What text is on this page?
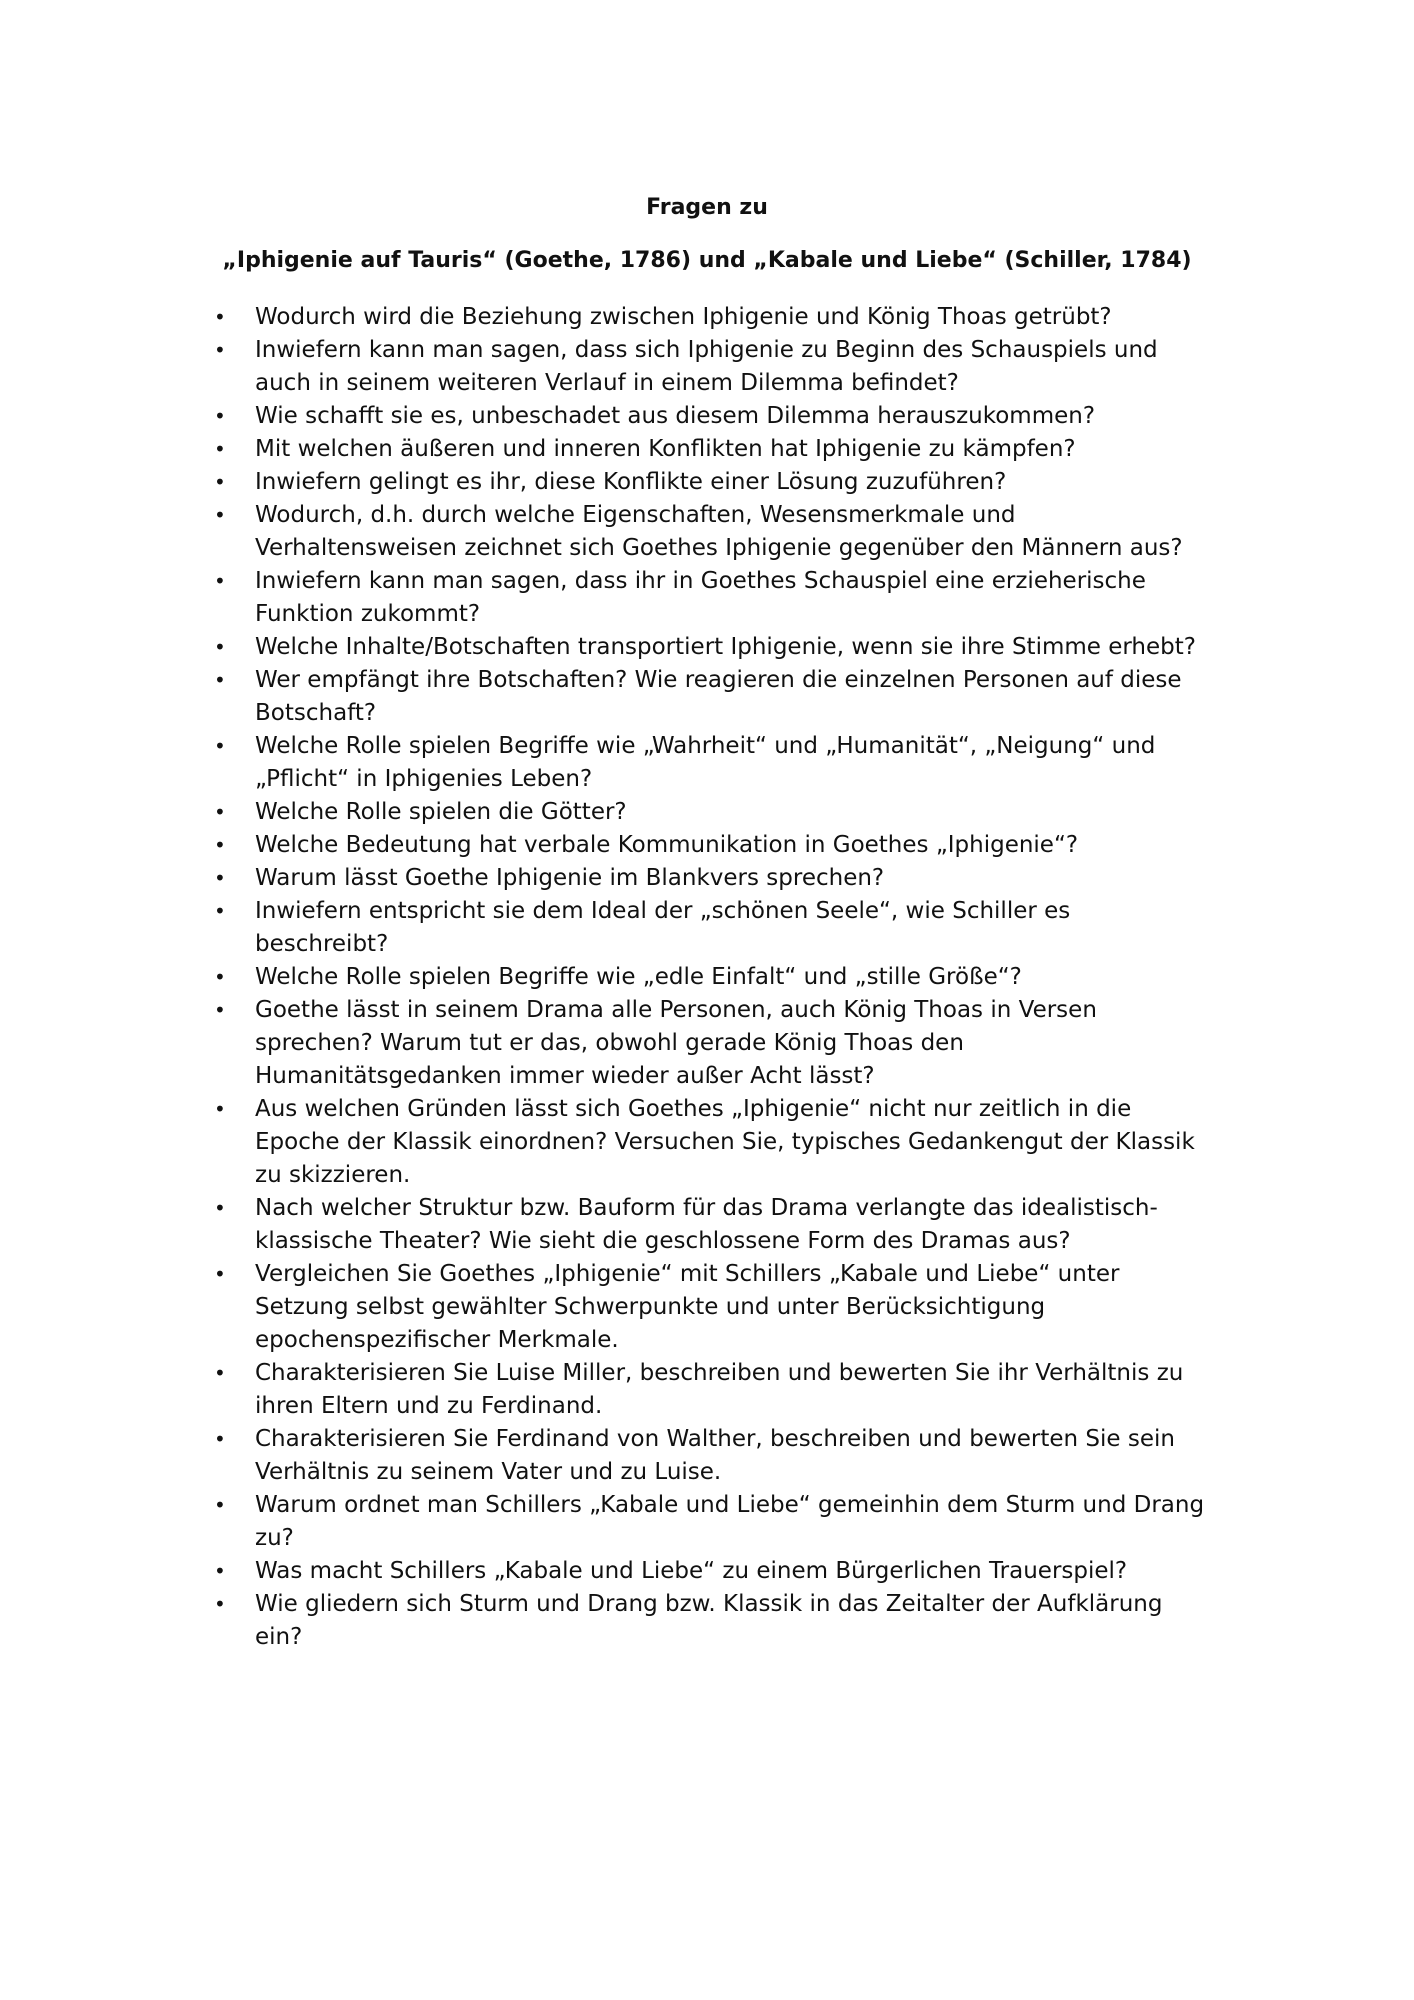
Fragen zu
„Iphigenie auf Tauris“ (Goethe, 1786) und „Kabale und Liebe“ (Schiller, 1784)
• Wodurch wird die Beziehung zwischen Iphigenie und König Thoas getrübt?
• Inwiefern kann man sagen, dass sich Iphigenie zu Beginn des Schauspiels und
auch in seinem weiteren Verlauf in einem Dilemma befindet?
• Wie schafft sie es, unbeschadet aus diesem Dilemma herauszukommen?
• Mit welchen äußeren und inneren Konflikten hat Iphigenie zu kämpfen?
• Inwiefern gelingt es ihr, diese Konflikte einer Lösung zuzuführen?
• Wodurch, d.h. durch welche Eigenschaften, Wesensmerkmale und
Verhaltensweisen zeichnet sich Goethes Iphigenie gegenüber den Männern aus?
• Inwiefern kann man sagen, dass ihr in Goethes Schauspiel eine erzieherische
Funktion zukommt?
• Welche Inhalte/Botschaften transportiert Iphigenie, wenn sie ihre Stimme erhebt?
• Wer empfängt ihre Botschaften? Wie reagieren die einzelnen Personen auf diese
Botschaft?
• Welche Rolle spielen Begriffe wie „Wahrheit“ und „Humanität“, „Neigung“ und
„Pflicht“ in Iphigenies Leben?
• Welche Rolle spielen die Götter?
• Welche Bedeutung hat verbale Kommunikation in Goethes „Iphigenie“?
• Warum lässt Goethe Iphigenie im Blankvers sprechen?
• Inwiefern entspricht sie dem Ideal der „schönen Seele“, wie Schiller es
beschreibt?
• Welche Rolle spielen Begriffe wie „edle Einfalt“ und „stille Größe“?
• Goethe lässt in seinem Drama alle Personen, auch König Thoas in Versen
sprechen? Warum tut er das, obwohl gerade König Thoas den
Humanitätsgedanken immer wieder außer Acht lässt?
• Aus welchen Gründen lässt sich Goethes „Iphigenie“ nicht nur zeitlich in die
Epoche der Klassik einordnen? Versuchen Sie, typisches Gedankengut der Klassik
zu skizzieren.
• Nach welcher Struktur bzw. Bauform für das Drama verlangte das idealistisch-
klassische Theater? Wie sieht die geschlossene Form des Dramas aus?
• Vergleichen Sie Goethes „Iphigenie“ mit Schillers „Kabale und Liebe“ unter
Setzung selbst gewählter Schwerpunkte und unter Berücksichtigung
epochenspezifischer Merkmale.
• Charakterisieren Sie Luise Miller, beschreiben und bewerten Sie ihr Verhältnis zu
ihren Eltern und zu Ferdinand.
• Charakterisieren Sie Ferdinand von Walther, beschreiben und bewerten Sie sein
Verhältnis zu seinem Vater und zu Luise.
• Warum ordnet man Schillers „Kabale und Liebe“ gemeinhin dem Sturm und Drang
zu?
• Was macht Schillers „Kabale und Liebe“ zu einem Bürgerlichen Trauerspiel?
• Wie gliedern sich Sturm und Drang bzw. Klassik in das Zeitalter der Aufklärung
ein?
